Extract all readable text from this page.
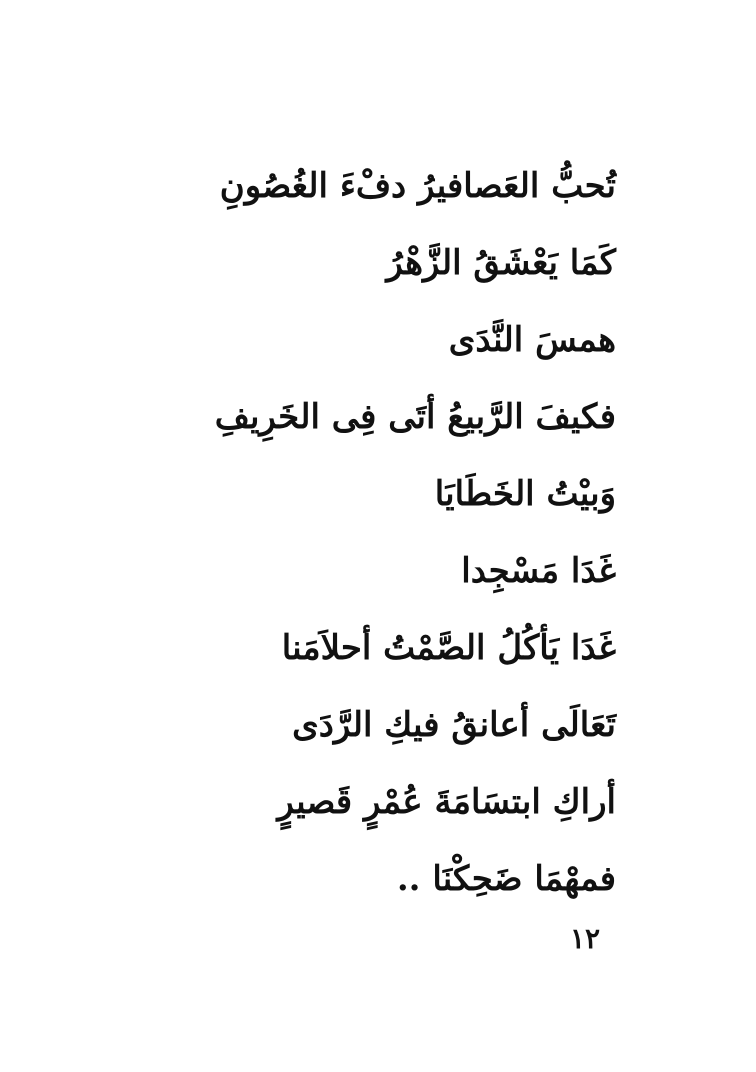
تُحبُّ العَصافيرُ دفْءَ الغُصُونِ
كَمَا يَعْشَقُ الزَّهْرُ
همسَ النَّدَى
فكيفَ الرَّبيعُ أتَى فِى الخَرِيفِ
وَبيْتُ الخَطَايَا
غَدَا مَسْجِدا
غَدَا يَأكُلُ الصَّمْتُ أحلاَمَنا
تَعَالَى أعانقُ فيكِ الرَّدَى
أراكِ ابتسَامَةَ عُمْرٍ قَصيرٍ
فمهْمَا ضَحِكْنَا ..
١٢
